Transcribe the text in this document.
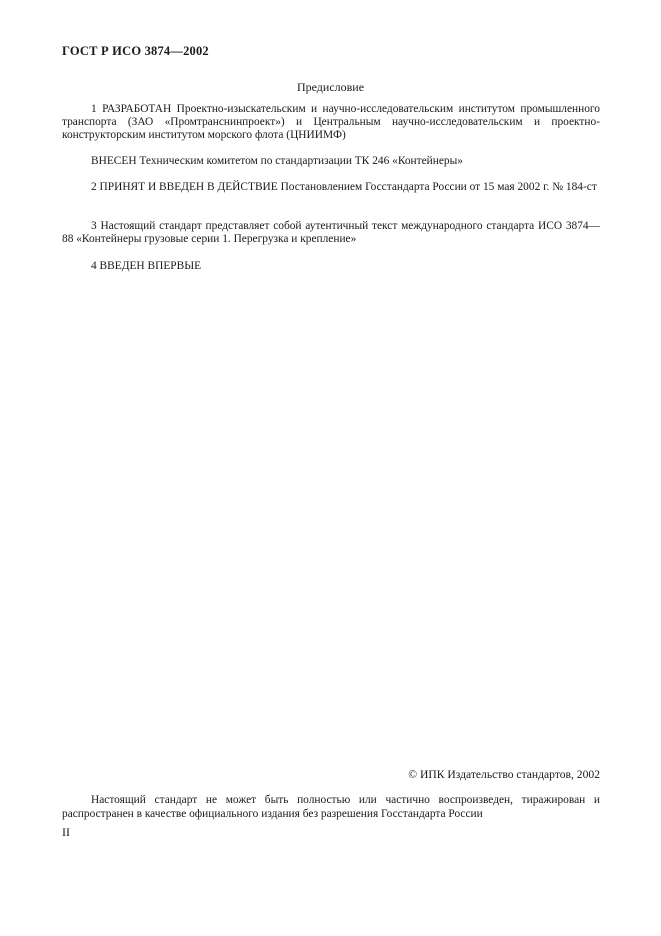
ГОСТ Р ИСО 3874—2002
Предисловие
1 РАЗРАБОТАН Проектно-изыскательским и научно-исследовательским институтом промышленного транспорта (ЗАО «Промтранснинпроект») и Центральным научно-исследовательским и проектно-конструкторским институтом морского флота (ЦНИИМФ)
ВНЕСЕН Техническим комитетом по стандартизации ТК 246 «Контейнеры»
2 ПРИНЯТ И ВВЕДЕН В ДЕЙСТВИЕ Постановлением Госстандарта России от 15 мая 2002 г. № 184-ст
3 Настоящий стандарт представляет собой аутентичный текст международного стандарта ИСО 3874—88 «Контейнеры грузовые серии 1. Перегрузка и крепление»
4 ВВЕДЕН ВПЕРВЫЕ
© ИПК Издательство стандартов, 2002
Настоящий стандарт не может быть полностью или частично воспроизведен, тиражирован и распространен в качестве официального издания без разрешения Госстандарта России
II
